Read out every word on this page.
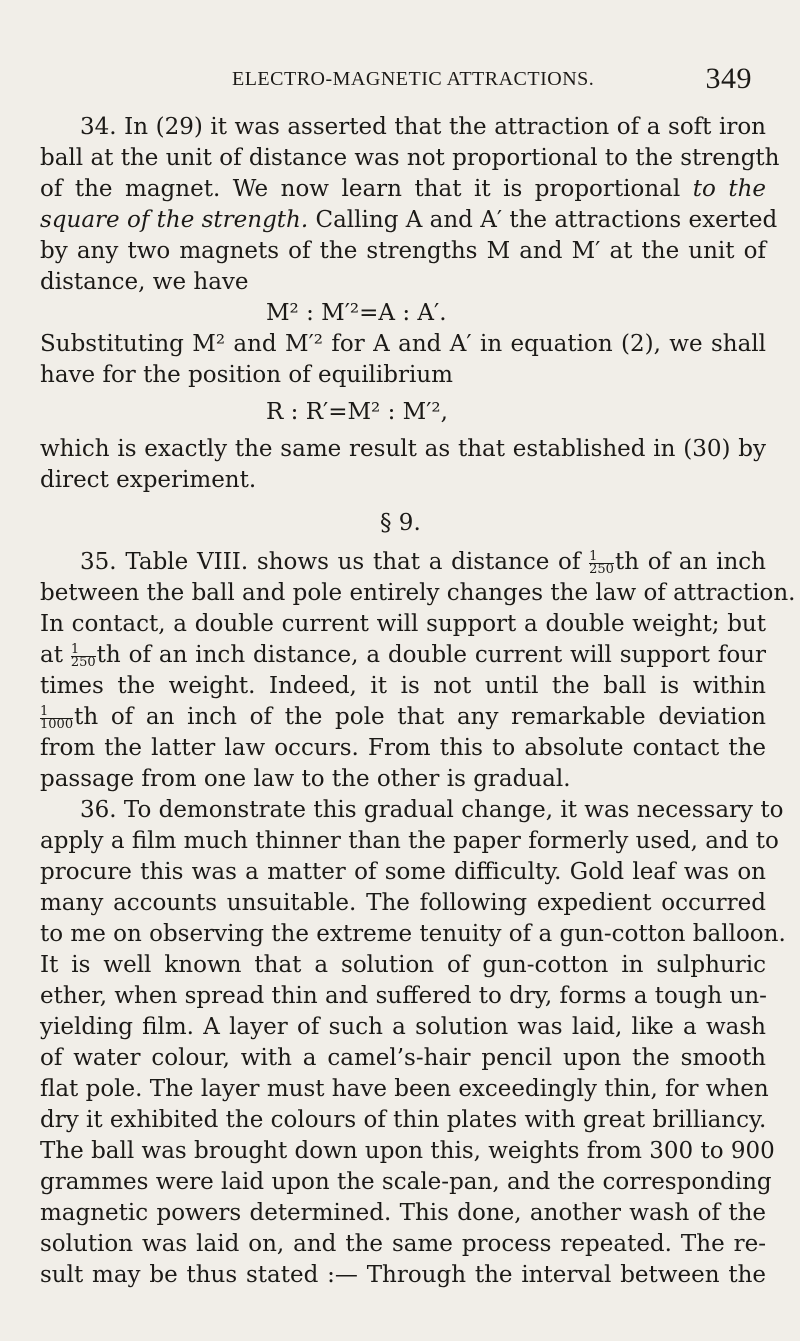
ELECTRO-MAGNETIC ATTRACTIONS.	349
34. In (29) it was asserted that the attraction of a soft iron
ball at the unit of distance was not proportional to the strength
of the magnet. We now learn that it is proportional to the
square of the strength. Calling A and A′ the attractions exerted
by any two magnets of the strengths M and M′ at the unit of
distance, we have
M² : M′²=A : A′.
Substituting M² and M′² for A and A′ in equation (2), we shall
have for the position of equilibrium
R : R′=M² : M′²,
which is exactly the same result as that established in (30) by
direct experiment.
§ 9.
35. Table VIII. shows us that a distance of $\frac{1}{250}$ th of an inch
between the ball and pole entirely changes the law of attraction.
In contact, a double current will support a double weight; but
at $\frac{1}{250}$ th of an inch distance, a double current will support four
times the weight. Indeed, it is not until the ball is within
$\frac{1}{1000}$ th of an inch of the pole that any remarkable deviation
from the latter law occurs. From this to absolute contact the
passage from one law to the other is gradual.
36. To demonstrate this gradual change, it was necessary to
apply a film much thinner than the paper formerly used, and to
procure this was a matter of some difficulty. Gold leaf was on
many accounts unsuitable. The following expedient occurred
to me on observing the extreme tenuity of a gun-cotton balloon.
It is well known that a solution of gun-cotton in sulphuric
ether, when spread thin and suffered to dry, forms a tough un-
yielding film. A layer of such a solution was laid, like a wash
of water colour, with a camel’s-hair pencil upon the smooth
flat pole. The layer must have been exceedingly thin, for when
dry it exhibited the colours of thin plates with great brilliancy.
The ball was brought down upon this, weights from 300 to 900
grammes were laid upon the scale-pan, and the corresponding
magnetic powers determined. This done, another wash of the
solution was laid on, and the same process repeated. The re-
sult may be thus stated :— Through the interval between the
